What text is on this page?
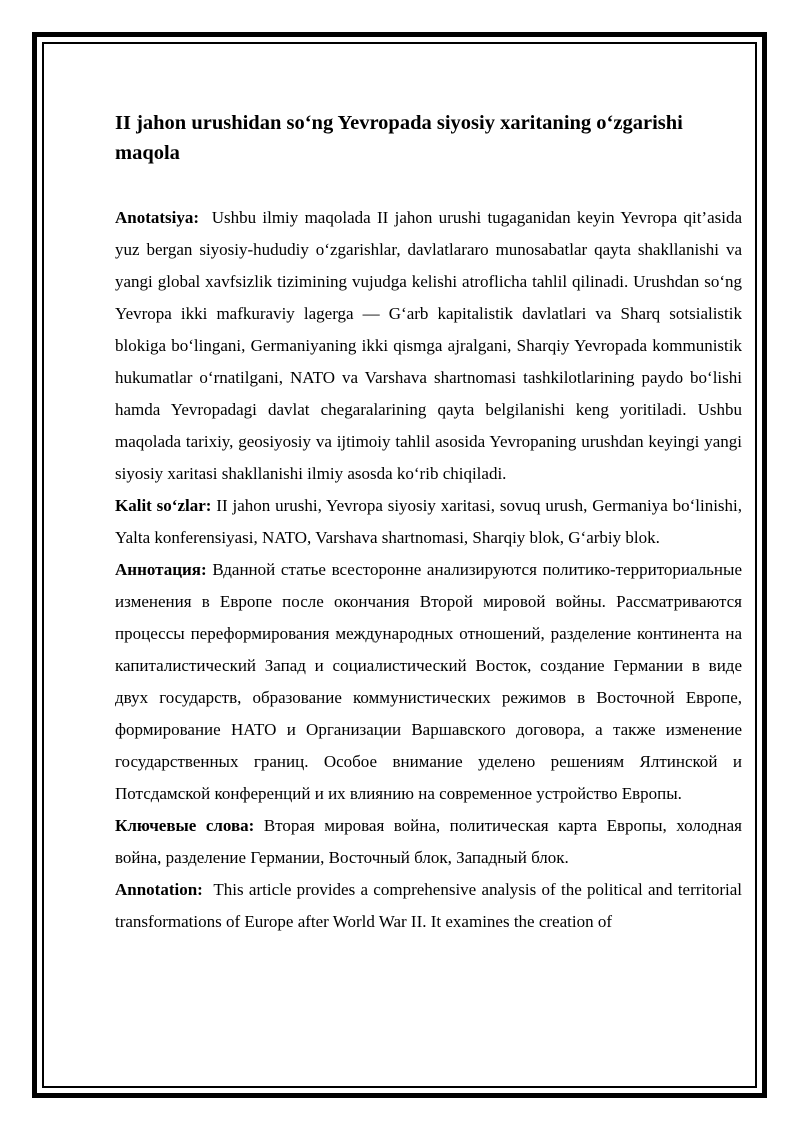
II jahon urushidan so‘ng Yevropada siyosiy xaritaning o‘zgarishi maqola

Anotatsiya: Ushbu ilmiy maqolada II jahon urushi tugaganidan keyin Yevropa qit’asida yuz bergan siyosiy-hududiy o‘zgarishlar, davlatlararo munosabatlar qayta shakllanishi va yangi global xavfsizlik tizimining vujudga kelishi atroflicha tahlil qilinadi. Urushdan so‘ng Yevropa ikki mafkuraviy lagerga — G‘arb kapitalistik davlatlari va Sharq sotsialistik blokiga bo‘lingani, Germaniyaning ikki qismga ajralgani, Sharqiy Yevropada kommunistik hukumatlar o‘rnatilgani, NATO va Varshava shartnomasi tashkilotlarining paydo bo‘lishi hamda Yevropadagi davlat chegaralarining qayta belgilanishi keng yoritiladi. Ushbu maqolada tarixiy, geosiyosiy va ijtimoiy tahlil asosida Yevropaning urushdan keyingi yangi siyosiy xaritasi shakllanishi ilmiy asosda ko‘rib chiqiladi.

Kalit so‘zlar: II jahon urushi, Yevropa siyosiy xaritasi, sovuq urush, Germaniya bo‘linishi, Yalta konferensiyasi, NATO, Varshava shartnomasi, Sharqiy blok, G‘arbiy blok.

Аннотация: Вданной статье всесторонне анализируются политико-территориальные изменения в Европе после окончания Второй мировой войны. Рассматриваются процессы переформирования международных отношений, разделение континента на капиталистический Запад и социалистический Восток, создание Германии в виде двух государств, образование коммунистических режимов в Восточной Европе, формирование НАТО и Организации Варшавского договора, а также изменение государственных границ. Особое внимание уделено решениям Ялтинской и Потсдамской конференций и их влиянию на современное устройство Европы.

Ключевые слова: Вторая мировая война, политическая карта Европы, холодная война, разделение Германии, Восточный блок, Западный блок.

Annotation: This article provides a comprehensive analysis of the political and territorial transformations of Europe after World War II. It examines the creation of
